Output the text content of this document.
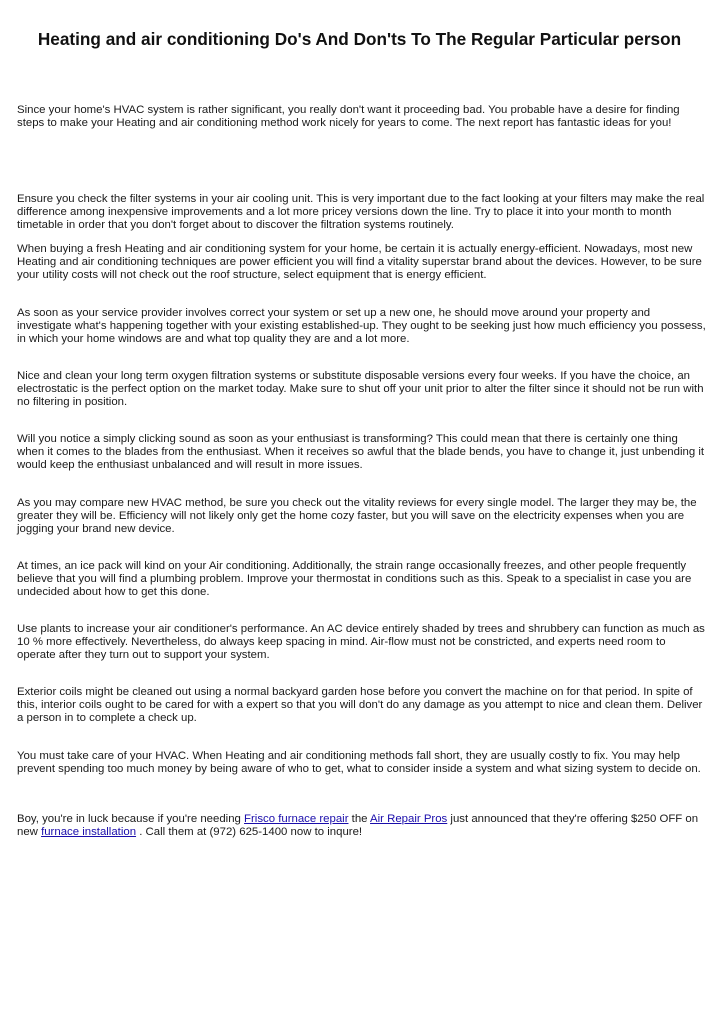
Heating and air conditioning Do's And Don'ts To The Regular Particular person

Since your home's HVAC system is rather significant, you really don't want it proceeding bad. You probable have a desire for finding steps to make your Heating and air conditioning method work nicely for years to come. The next report has fantastic ideas for you!

Ensure you check the filter systems in your air cooling unit. This is very important due to the fact looking at your filters may make the real difference among inexpensive improvements and a lot more pricey versions down the line. Try to place it into your month to month timetable in order that you don't forget about to discover the filtration systems routinely.

When buying a fresh Heating and air conditioning system for your home, be certain it is actually energy-efficient. Nowadays, most new Heating and air conditioning techniques are power efficient you will find a vitality superstar brand about the devices. However, to be sure your utility costs will not check out the roof structure, select equipment that is energy efficient.

As soon as your service provider involves correct your system or set up a new one, he should move around your property and investigate what's happening together with your existing established-up. They ought to be seeking just how much efficiency you possess, in which your home windows are and what top quality they are and a lot more.

Nice and clean your long term oxygen filtration systems or substitute disposable versions every four weeks. If you have the choice, an electrostatic is the perfect option on the market today. Make sure to shut off your unit prior to alter the filter since it should not be run with no filtering in position.

Will you notice a simply clicking sound as soon as your enthusiast is transforming? This could mean that there is certainly one thing when it comes to the blades from the enthusiast. When it receives so awful that the blade bends, you have to change it, just unbending it would keep the enthusiast unbalanced and will result in more issues.

As you may compare new HVAC method, be sure you check out the vitality reviews for every single model. The larger they may be, the greater they will be. Efficiency will not likely only get the home cozy faster, but you will save on the electricity expenses when you are jogging your brand new device.

At times, an ice pack will kind on your Air conditioning. Additionally, the strain range occasionally freezes, and other people frequently believe that you will find a plumbing problem. Improve your thermostat in conditions such as this. Speak to a specialist in case you are undecided about how to get this done.

Use plants to increase your air conditioner's performance. An AC device entirely shaded by trees and shrubbery can function as much as 10 % more effectively. Nevertheless, do always keep spacing in mind. Air-flow must not be constricted, and experts need room to operate after they turn out to support your system.

Exterior coils might be cleaned out using a normal backyard garden hose before you convert the machine on for that period. In spite of this, interior coils ought to be cared for with a expert so that you will don't do any damage as you attempt to nice and clean them. Deliver a person in to complete a check up.

You must take care of your HVAC. When Heating and air conditioning methods fall short, they are usually costly to fix. You may help prevent spending too much money by being aware of who to get, what to consider inside a system and what sizing system to decide on.

Boy, you're in luck because if you're needing Frisco furnace repair the Air Repair Pros just announced that they're offering $250 OFF on new furnace installation . Call them at (972) 625-1400 now to inqure!
